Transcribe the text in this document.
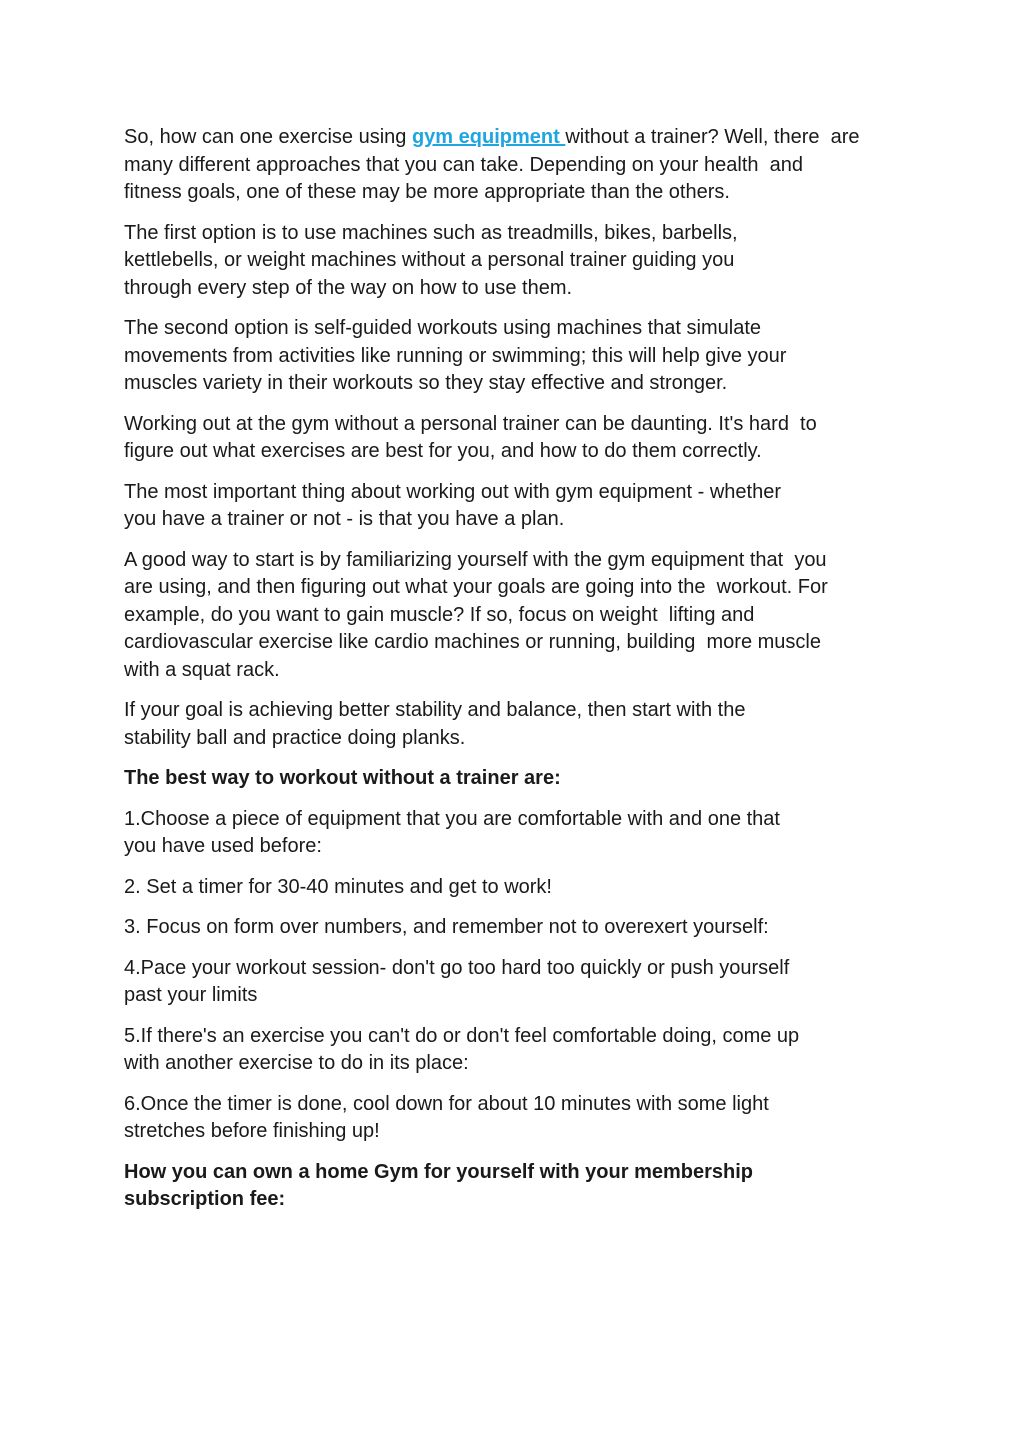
So, how can one exercise using gym equipment without a trainer? Well, there  are
many different approaches that you can take. Depending on your health  and
fitness goals, one of these may be more appropriate than the others.

The first option is to use machines such as treadmills, bikes, barbells,
kettlebells, or weight machines without a personal trainer guiding you
through every step of the way on how to use them.

The second option is self-guided workouts using machines that simulate
movements from activities like running or swimming; this will help give your
muscles variety in their workouts so they stay effective and stronger.

Working out at the gym without a personal trainer can be daunting. It's hard  to
figure out what exercises are best for you, and how to do them correctly.

The most important thing about working out with gym equipment - whether
you have a trainer or not - is that you have a plan.

A good way to start is by familiarizing yourself with the gym equipment that  you
are using, and then figuring out what your goals are going into the  workout. For
example, do you want to gain muscle? If so, focus on weight  lifting and
cardiovascular exercise like cardio machines or running, building  more muscle
with a squat rack.

If your goal is achieving better stability and balance, then start with the
stability ball and practice doing planks.

The best way to workout without a trainer are:

1.Choose a piece of equipment that you are comfortable with and one that
you have used before:

2. Set a timer for 30-40 minutes and get to work!

3. Focus on form over numbers, and remember not to overexert yourself:

4.Pace your workout session- don't go too hard too quickly or push yourself
past your limits

5.If there's an exercise you can't do or don't feel comfortable doing, come up
with another exercise to do in its place:

6.Once the timer is done, cool down for about 10 minutes with some light
stretches before finishing up!

How you can own a home Gym for yourself with your membership
subscription fee:
